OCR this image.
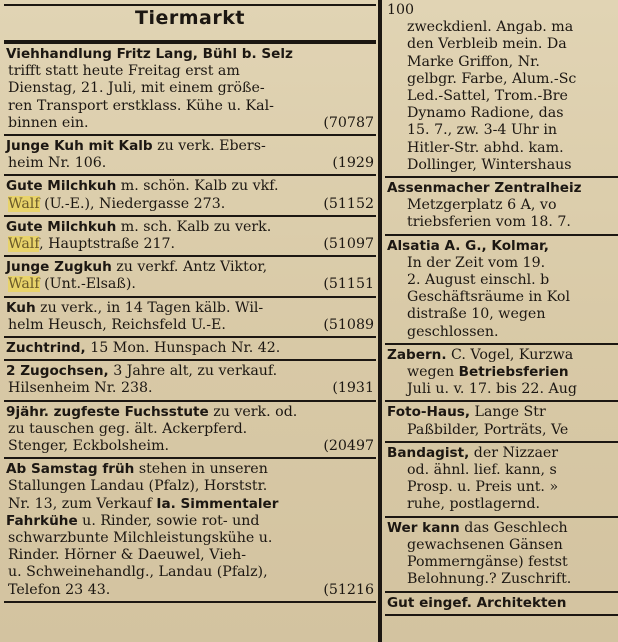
Tiermarkt
Viehhandlung Fritz Lang, Bühl b. Selz
trifft statt heute Freitag erst am
Dienstag, 21. Juli, mit einem größe-
ren Transport erstklass. Kühe u. Kal-
binnen ein.	(70787
Junge Kuh mit Kalb zu verk. Ebers-
heim Nr. 106.	(1929
Gute Milchkuh m. schön. Kalb zu vkf.
Walf (U.-E.), Niedergasse 273.	(51152
Gute Milchkuh m. sch. Kalb zu verk.
Walf, Hauptstraße 217.	(51097
Junge Zugkuh zu verkf. Antz Viktor,
Walf (Unt.-Elsaß).	(51151
Kuh zu verk., in 14 Tagen kälb. Wil-
helm Heusch, Reichsfeld U.-E.	(51089
Zuchtrind, 15 Mon. Hunspach Nr. 42.
2 Zugochsen, 3 Jahre alt, zu verkauf.
Hilsenheim Nr. 238.	(1931
9jähr. zugfeste Fuchsstute zu verk. od.
zu tauschen geg. ält. Ackerpferd.
Stenger, Eckbolsheim.	(20497
Ab Samstag früh stehen in unseren
Stallungen Landau (Pfalz), Horststr.
Nr. 13, zum Verkauf Ia. Simmentaler
Fahrkühe u. Rinder, sowie rot- und
schwarzbunte Milchleistungskühe u.
Rinder. Hörner & Daeuwel, Vieh-
u. Schweinehandlg., Landau (Pfalz),
Telefon 23 43.	(51216
100
zweckdienl. Angab. ma
den Verbleib mein. Da
Marke Griffon, Nr.
gelbgr. Farbe, Alum.-Sc
Led.-Sattel, Trom.-Bre
Dynamo Radione, das
15. 7., zw. 3-4 Uhr in
Hitler-Str. abhd. kam.
Dollinger, Wintershaus
Assenmacher Zentralheiz
Metzgerplatz 6 A, vo
triebsferien vom 18. 7.
Alsatia A. G., Kolmar,
In der Zeit vom 19.
2. August einschl. b
Geschäftsräume in Kol
distraße 10, wegen
geschlossen.
Zabern. C. Vogel, Kurzwa
wegen Betriebsferien
Juli u. v. 17. bis 22. Aug
Foto-Haus, Lange Str
Paßbilder, Porträts, Ve
Bandagist, der Nizzaer
od. ähnl. lief. kann, s
Prosp. u. Preis unt. »
ruhe, postlagernd.
Wer kann das Geschlech
gewachsenen Gänsen
Pommerngänse) festst
Belohnung.? Zuschrift.
Gut eingef. Architekten
